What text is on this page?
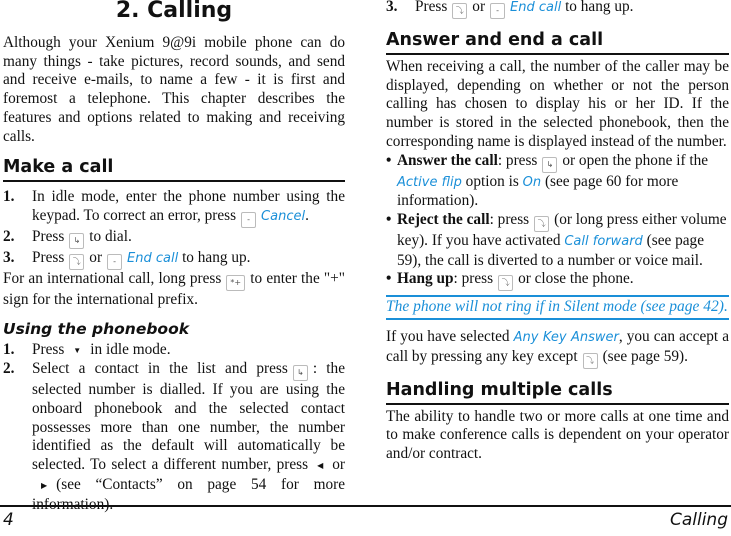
2. Calling

Although your Xenium 9@9i mobile phone can do many things - take pictures, record sounds, and send and receive e-mails, to name a few - it is first and foremost a telephone. This chapter describes the features and options related to making and receiving calls.

Make a call
1.	In idle mode, enter the phone number using the keypad. To correct an error, press - Cancel.
2.	Press ↳ to dial.
3.	Press ⤵ or - End call to hang up.

For an international call, long press *+ to enter the "+" sign for the international prefix.

Using the phonebook
1.	Press ▼ in idle mode.
2.	Select a contact in the list and press ↳ : the selected number is dialled. If you are using the onboard phonebook and the selected contact possesses more than one number, the number identified as the default will automatically be selected. To select a different number, press ◀ or▶ (see “Contacts” on page 54 for more information).
3.	Press ⤵ or - End call to hang up.
Answer and end a call

When receiving a call, the number of the caller may be displayed, depending on whether or not the person calling has chosen to display his or her ID. If the number is stored in the selected phonebook, then the corresponding name is displayed instead of the number.

• Answer the call: press ↳ or open the phone if the Active flip option is On (see page 60 for more information).
• Reject the call: press ⤵ (or long press either volume key). If you have activated Call forward (see page 59), the call is diverted to a number or voice mail.
• Hang up: press ⤵ or close the phone.
The phone will not ring if in Silent mode (see page 42).

If you have selected Any Key Answer, you can accept a call by pressing any key except ⤵ (see page 59).

Handling multiple calls

The ability to handle two or more calls at one time and to make conference calls is dependent on your operator and/or contract.

4	Calling
